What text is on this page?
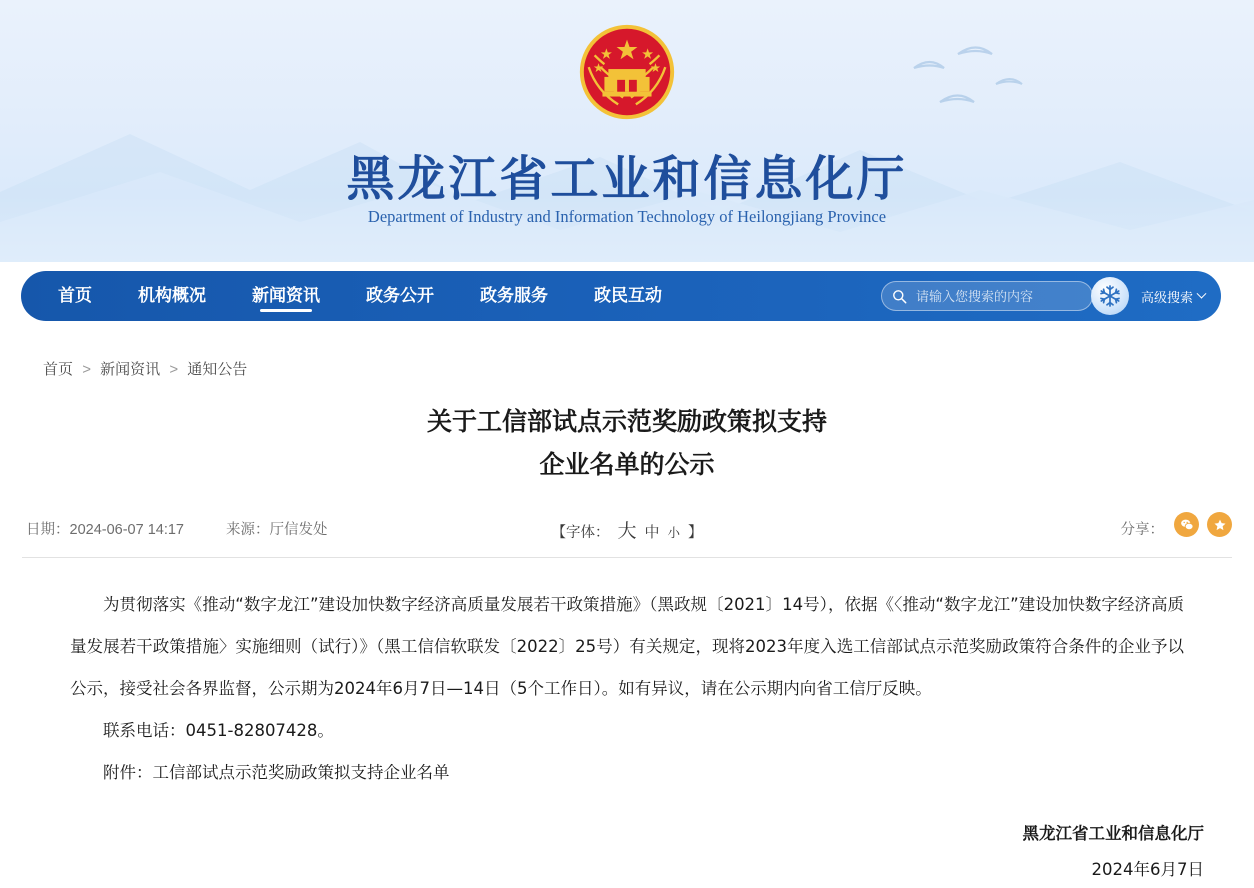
黑龙江省工业和信息化厅
Department of Industry and Information Technology of Heilongjiang Province
首页	机构概况	新闻资讯	政务公开	政务服务	政民互动
请输入您搜索的内容	高级搜索
首页 > 新闻资讯 > 通知公告
关于工信部试点示范奖励政策拟支持
企业名单的公示
日期：2024-06-07 14:17	来源：厅信发处	【字体： 大 中 小 】	分享：

为贯彻落实《推动“数字龙江”建设加快数字经济高质量发展若干政策措施》（黑政规〔2021〕14号），依据《〈推动“数字龙江”建设加快数字经济高质量发展若干政策措施〉实施细则（试行）》（黑工信信软联发〔2022〕25号）有关规定，现将2023年度入选工信部试点示范奖励政策符合条件的企业予以公示，接受社会各界监督，公示期为2024年6月7日—14日（5个工作日）。如有异议，请在公示期内向省工信厅反映。

联系电话：0451-82807428。

附件：工信部试点示范奖励政策拟支持企业名单

黑龙江省工业和信息化厅
2024年6月7日
